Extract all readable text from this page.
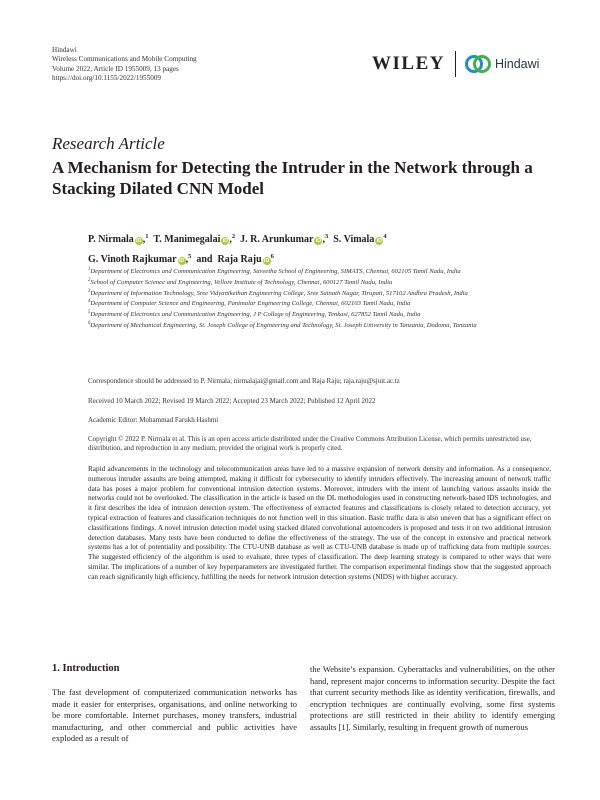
Hindawi
Wireless Communications and Mobile Computing
Volume 2022, Article ID 1955009, 13 pages
https://doi.org/10.1155/2022/1955009
WILEY	Hindawi
Research Article
A Mechanism for Detecting the Intruder in the Network through a Stacking Dilated CNN Model
P. Nirmala iD,$^1$ T. Manimegalai iD,$^2$ J. R. Arunkumar iD,$^3$ S. Vimala $iD^4$
G. Vinoth Rajkumar iD,$^5$ and Raja Raju $iD^6$
$^1$Department of Electronics and Communication Engineering, Saveetha School of Engineering, SIMATS, Chennai, 602105 Tamil Nadu, India
$^2$School of Computer Science and Engineering, Vellore Institute of Technology, Chennai, 600127 Tamil Nadu, India
$^3$Department of Information Technology, Sree Vidyanikethan Engineering College, Sree Sainath Nagar, Tirupati, 517102 Andhra Pradesh, India
$^4$Department of Computer Science and Engineering, Panimalar Engineering College, Chennai, 602103 Tamil Nadu, India
$^5$Department of Electronics and Communication Engineering, J P College of Engineering, Tenkasi, 627852 Tamil Nadu, India
$^6$Department of Mechanical Engineering, St. Joseph College of Engineering and Technology, St. Joseph University in Tanzania, Dodoma, Tanzania
Correspondence should be addressed to P. Nirmala; nirmalajai@gmail.com and Raja Raju; raja.raju@sjuit.ac.tz
Received 10 March 2022; Revised 19 March 2022; Accepted 23 March 2022; Published 12 April 2022
Academic Editor: Mohammad Farukh Hashmi
Copyright © 2022 P. Nirmala et al. This is an open access article distributed under the Creative Commons Attribution License, which permits unrestricted use, distribution, and reproduction in any medium, provided the original work is properly cited.

Rapid advancements in the technology and telecommunication areas have led to a massive expansion of network density and information. As a consequence, numerous intruder assaults are being attempted, making it difficult for cybersecurity to identify intruders effectively. The increasing amount of network traffic data has poses a major problem for conventional intrusion detection systems. Moreover, intruders with the intent of launching various assaults inside the networks could not be overlooked. The classification in the article is based on the DL methodologies used in constructing network-based IDS technologies, and it first describes the idea of intrusion detection system. The effectiveness of extracted features and classifications is closely related to detection accuracy, yet typical extraction of features and classification techniques do not function well in this situation. Basic traffic data is also uneven that has a significant effect on classifications findings. A novel intrusion detection model using stacked dilated convolutional autoencoders is proposed and tests it on two additional intrusion detection databases. Many tests have been conducted to define the effectiveness of the strategy. The use of the concept in extensive and practical network systems has a lot of potentiality and possibility. The CTU-UNB database as well as CTU-UNB database is made up of trafficking data from multiple sources. The suggested efficiency of the algorithm is used to evaluate, three types of classification. The deep learning strategy is compared to other ways that were similar. The implications of a number of key hyperparameters are investigated further. The comparison experimental findings show that the suggested approach can reach significantly high efficiency, fulfilling the needs for network intrusion detection systems (NIDS) with higher accuracy.

1. Introduction

The fast development of computerized communication networks has made it easier for enterprises, organisations, and online networking to be more comfortable. Internet purchases, money transfers, industrial manufacturing, and other commercial and public activities have exploded as a result of

the Website’s expansion. Cyberattacks and vulnerabilities, on the other hand, represent major concerns to information security. Despite the fact that current security methods like as identity verification, firewalls, and encryption techniques are continually evolving, some first systems protections are still restricted in their ability to identify emerging assaults [1]. Similarly, resulting in frequent growth of numerous
